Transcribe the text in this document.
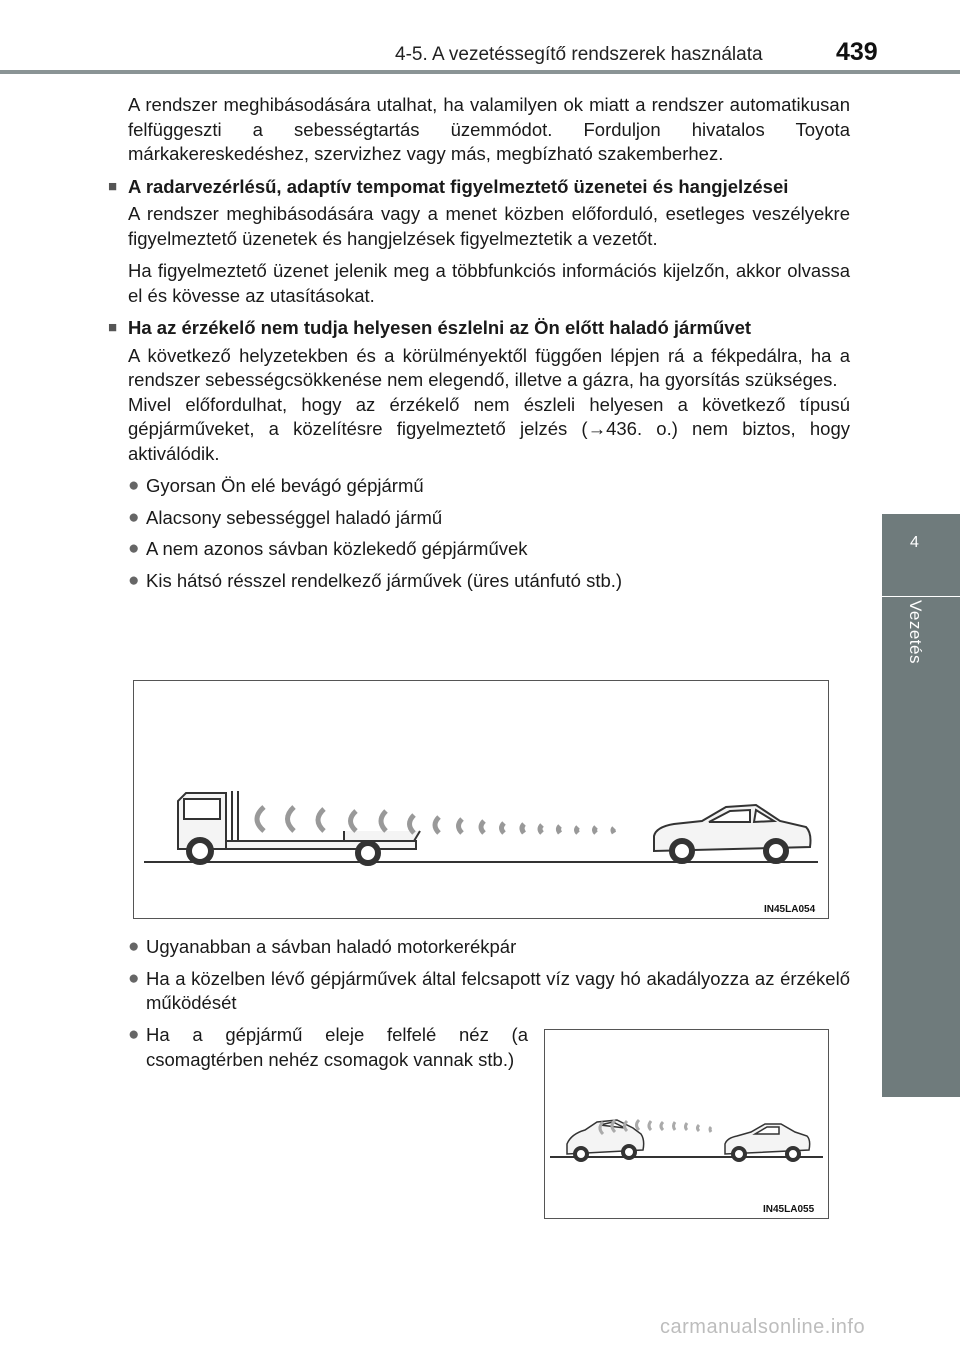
4-5. A vezetéssegítő rendszerek használata	439
4
Vezetés

A rendszer meghibásodására utalhat, ha valamilyen ok miatt a rendszer automatikusan felfüggeszti a sebességtartás üzemmódot. Forduljon hivatalos Toyota márkakereskedéshez, szervizhez vagy más, megbízható szakemberhez.

■ A radarvezérlésű, adaptív tempomat figyelmeztető üzenetei és hangjelzései

A rendszer meghibásodására vagy a menet közben előforduló, esetleges veszélyekre figyelmeztető üzenetek és hangjelzések figyelmeztetik a vezetőt.

Ha figyelmeztető üzenet jelenik meg a többfunkciós információs kijelzőn, akkor olvassa el és kövesse az utasításokat.

■ Ha az érzékelő nem tudja helyesen észlelni az Ön előtt haladó járművet

A következő helyzetekben és a körülményektől függően lépjen rá a fékpedálra, ha a rendszer sebességcsökkenése nem elegendő, illetve a gázra, ha gyorsítás szükséges.

Mivel előfordulhat, hogy az érzékelő nem észleli helyesen a következő típusú gépjárműveket, a közelítésre figyelmeztető jelzés (→436. o.) nem biztos, hogy aktiválódik.

● Gyorsan Ön elé bevágó gépjármű
● Alacsony sebességgel haladó jármű
● A nem azonos sávban közlekedő gépjárművek
● Kis hátsó résszel rendelkező járművek (üres utánfutó stb.)
IN45LA054
● Ugyanabban a sávban haladó motorkerékpár
● Ha a közelben lévő gépjárművek által felcsapott víz vagy hó akadályozza az érzékelő működését
● Ha a gépjármű eleje felfelé néz (a csomagtérben nehéz csomagok vannak stb.)
IN45LA055
carmanualsonline.info
